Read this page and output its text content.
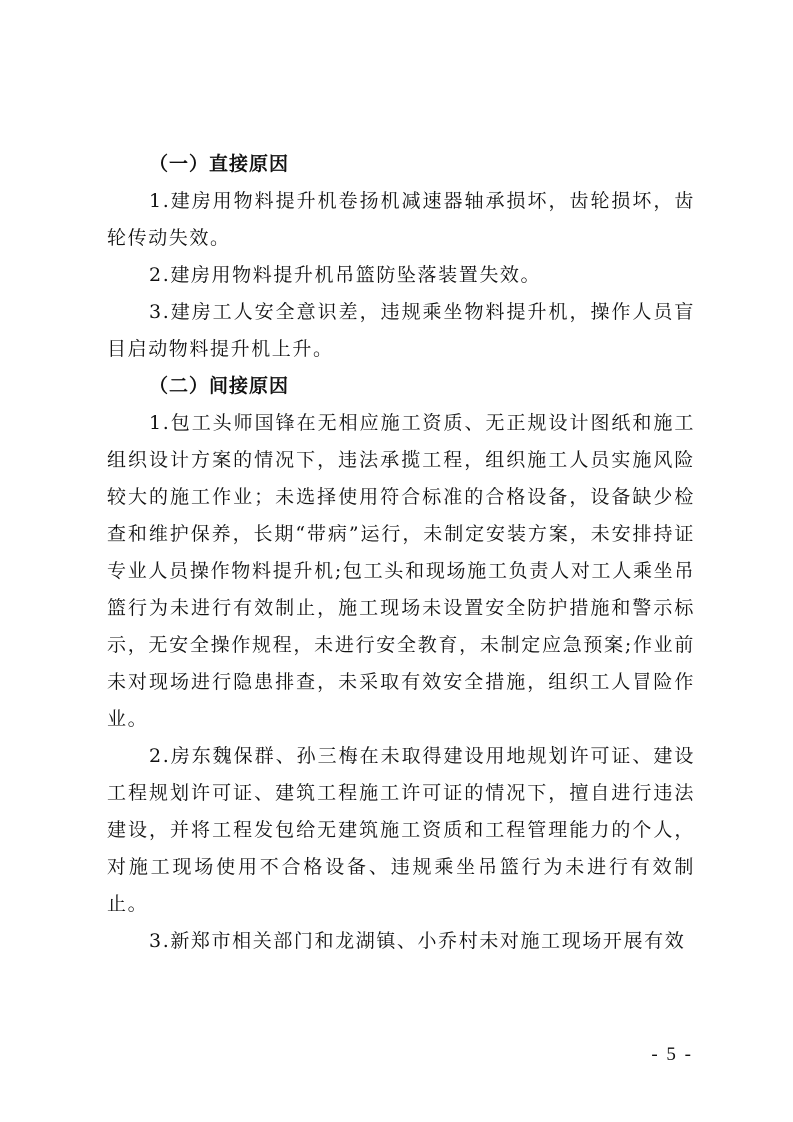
（一）直接原因

1.建房用物料提升机卷扬机减速器轴承损坏，齿轮损坏，齿轮传动失效。

2.建房用物料提升机吊篮防坠落装置失效。

3.建房工人安全意识差，违规乘坐物料提升机，操作人员盲目启动物料提升机上升。

（二）间接原因

1.包工头师国锋在无相应施工资质、无正规设计图纸和施工组织设计方案的情况下，违法承揽工程，组织施工人员实施风险较大的施工作业；未选择使用符合标准的合格设备，设备缺少检查和维护保养，长期“带病”运行，未制定安装方案，未安排持证专业人员操作物料提升机;包工头和现场施工负责人对工人乘坐吊篮行为未进行有效制止，施工现场未设置安全防护措施和警示标示，无安全操作规程，未进行安全教育，未制定应急预案;作业前未对现场进行隐患排查，未采取有效安全措施，组织工人冒险作业。

2.房东魏保群、孙三梅在未取得建设用地规划许可证、建设工程规划许可证、建筑工程施工许可证的情况下，擅自进行违法建设，并将工程发包给无建筑施工资质和工程管理能力的个人，对施工现场使用不合格设备、违规乘坐吊篮行为未进行有效制止。

3.新郑市相关部门和龙湖镇、小乔村未对施工现场开展有效

- 5 -
